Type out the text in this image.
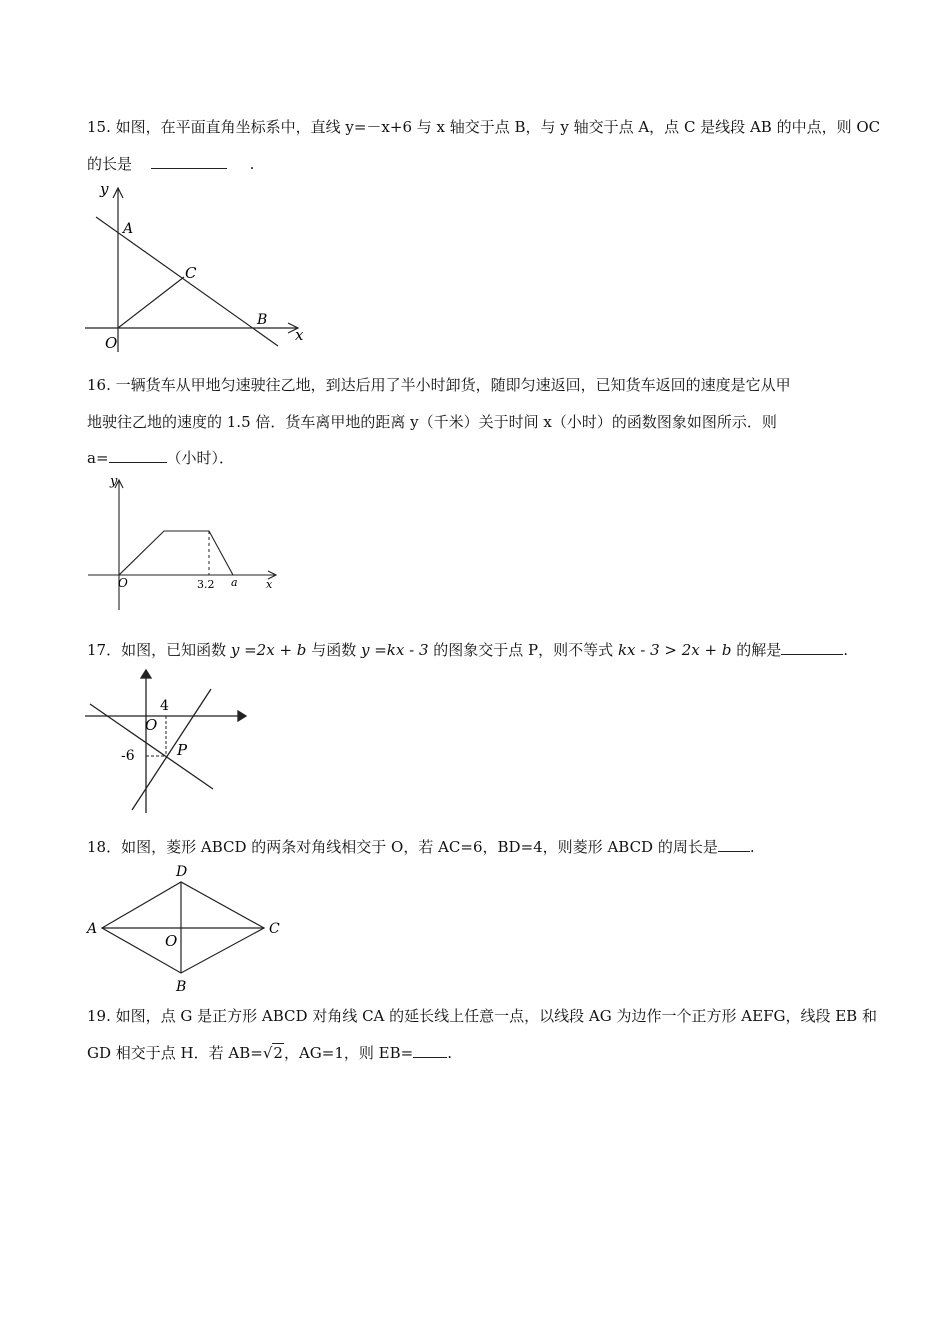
15. 如图，在平面直角坐标系中，直线 y=－x+6 与 x 轴交于点 B，与 y 轴交于点 A，点 C 是线段 AB 的中点，则 OC
的长是	.
y
A
C
B
x
O
16. 一辆货车从甲地匀速驶往乙地，到达后用了半小时卸货，随即匀速返回，已知货车返回的速度是它从甲
地驶往乙地的速度的 1.5 倍．货车离甲地的距离 y（千米）关于时间 x（小时）的函数图象如图所示．则
a=	（小时）．
y
O	3.2 a	x
17．如图，已知函数 y =2x + b 与函数 y =kx - 3 的图象交于点 P，则不等式 kx - 3 > 2x + b 的解是	.
4
O
-6	P
18．如图，菱形 ABCD 的两条对角线相交于 O，若 AC=6，BD=4，则菱形 ABCD 的周长是 .
D
A	C
O
B
19. 如图，点 G 是正方形 ABCD 对角线 CA 的延长线上任意一点，以线段 AG 为边作一个正方形 AEFG，线段 EB 和
GD 相交于点 H．若 AB=√2，AG=1，则 EB= .
